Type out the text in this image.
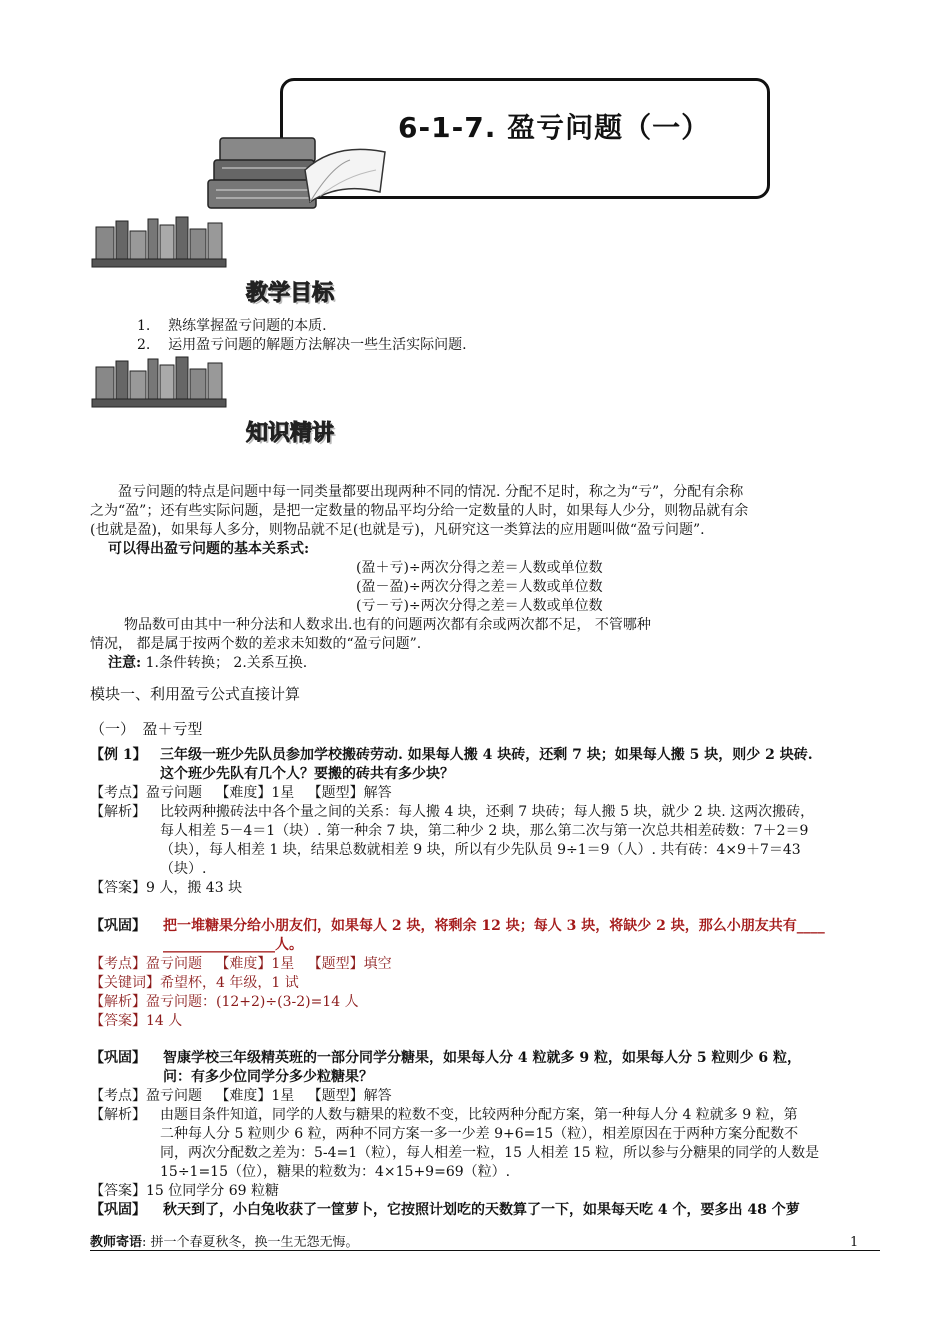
6-1-7. 盈亏问题（一）
教学目标
1. 熟练掌握盈亏问题的本质.
2. 运用盈亏问题的解题方法解决一些生活实际问题.
知识精讲
　　盈亏问题的特点是问题中每一同类量都要出现两种不同的情况. 分配不足时，称之为“亏”，分配有余称
之为“盈”；还有些实际问题，是把一定数量的物品平均分给一定数量的人时，如果每人少分，则物品就有余
(也就是盈)，如果每人多分，则物品就不足(也就是亏)，凡研究这一类算法的应用题叫做“盈亏问题”.
可以得出盈亏问题的基本关系式:
(盈＋亏)÷两次分得之差＝人数或单位数
(盈－盈)÷两次分得之差＝人数或单位数
(亏－亏)÷两次分得之差＝人数或单位数
物品数可由其中一种分法和人数求出.也有的问题两次都有余或两次都不足， 不管哪种
情况， 都是属于按两个数的差求未知数的“盈亏问题”.
注意: 1.条件转换； 2.关系互换.
模块一、利用盈亏公式直接计算
（一）　盈＋亏型
【例 1】 三年级一班少先队员参加学校搬砖劳动. 如果每人搬 4 块砖，还剩 7 块；如果每人搬 5 块，则少 2 块砖.
这个班少先队有几个人？要搬的砖共有多少块？
【考点】盈亏问题 【难度】1星 【题型】解答
【解析】 比较两种搬砖法中各个量之间的关系：每人搬 4 块，还剩 7 块砖；每人搬 5 块，就少 2 块. 这两次搬砖，
每人相差 5－4＝1（块）. 第一种余 7 块，第二种少 2 块，那么第二次与第一次总共相差砖数：7＋2＝9
（块），每人相差 1 块，结果总数就相差 9 块，所以有少先队员 9÷1＝9（人）. 共有砖：4×9＋7＝43
（块）.
【答案】9 人，搬 43 块
【巩固】 把一堆糖果分给小朋友们，如果每人 2 块，将剩余 12 块；每人 3 块，将缺少 2 块，那么小朋友共有____
________________人。
【考点】盈亏问题 【难度】1星 【题型】填空
【关键词】希望杯，4 年级，1 试
【解析】盈亏问题：(12+2)÷(3-2)=14 人
【答案】14 人
【巩固】 智康学校三年级精英班的一部分同学分糖果，如果每人分 4 粒就多 9 粒，如果每人分 5 粒则少 6 粒，
问：有多少位同学分多少粒糖果？
【考点】盈亏问题 【难度】1星 【题型】解答
【解析】 由题目条件知道，同学的人数与糖果的粒数不变，比较两种分配方案，第一种每人分 4 粒就多 9 粒，第
二种每人分 5 粒则少 6 粒，两种不同方案一多一少差 9+6=15（粒），相差原因在于两种方案分配数不
同，两次分配数之差为：5-4=1（粒），每人相差一粒，15 人相差 15 粒，所以参与分糖果的同学的人数是
15÷1=15（位），糖果的粒数为：4×15+9=69（粒）.
【答案】15 位同学分 69 粒糖
【巩固】 秋天到了，小白兔收获了一筐萝卜，它按照计划吃的天数算了一下，如果每天吃 4 个，要多出 48 个萝
教师寄语: 拼一个春夏秋冬，换一生无怨无悔。	1
